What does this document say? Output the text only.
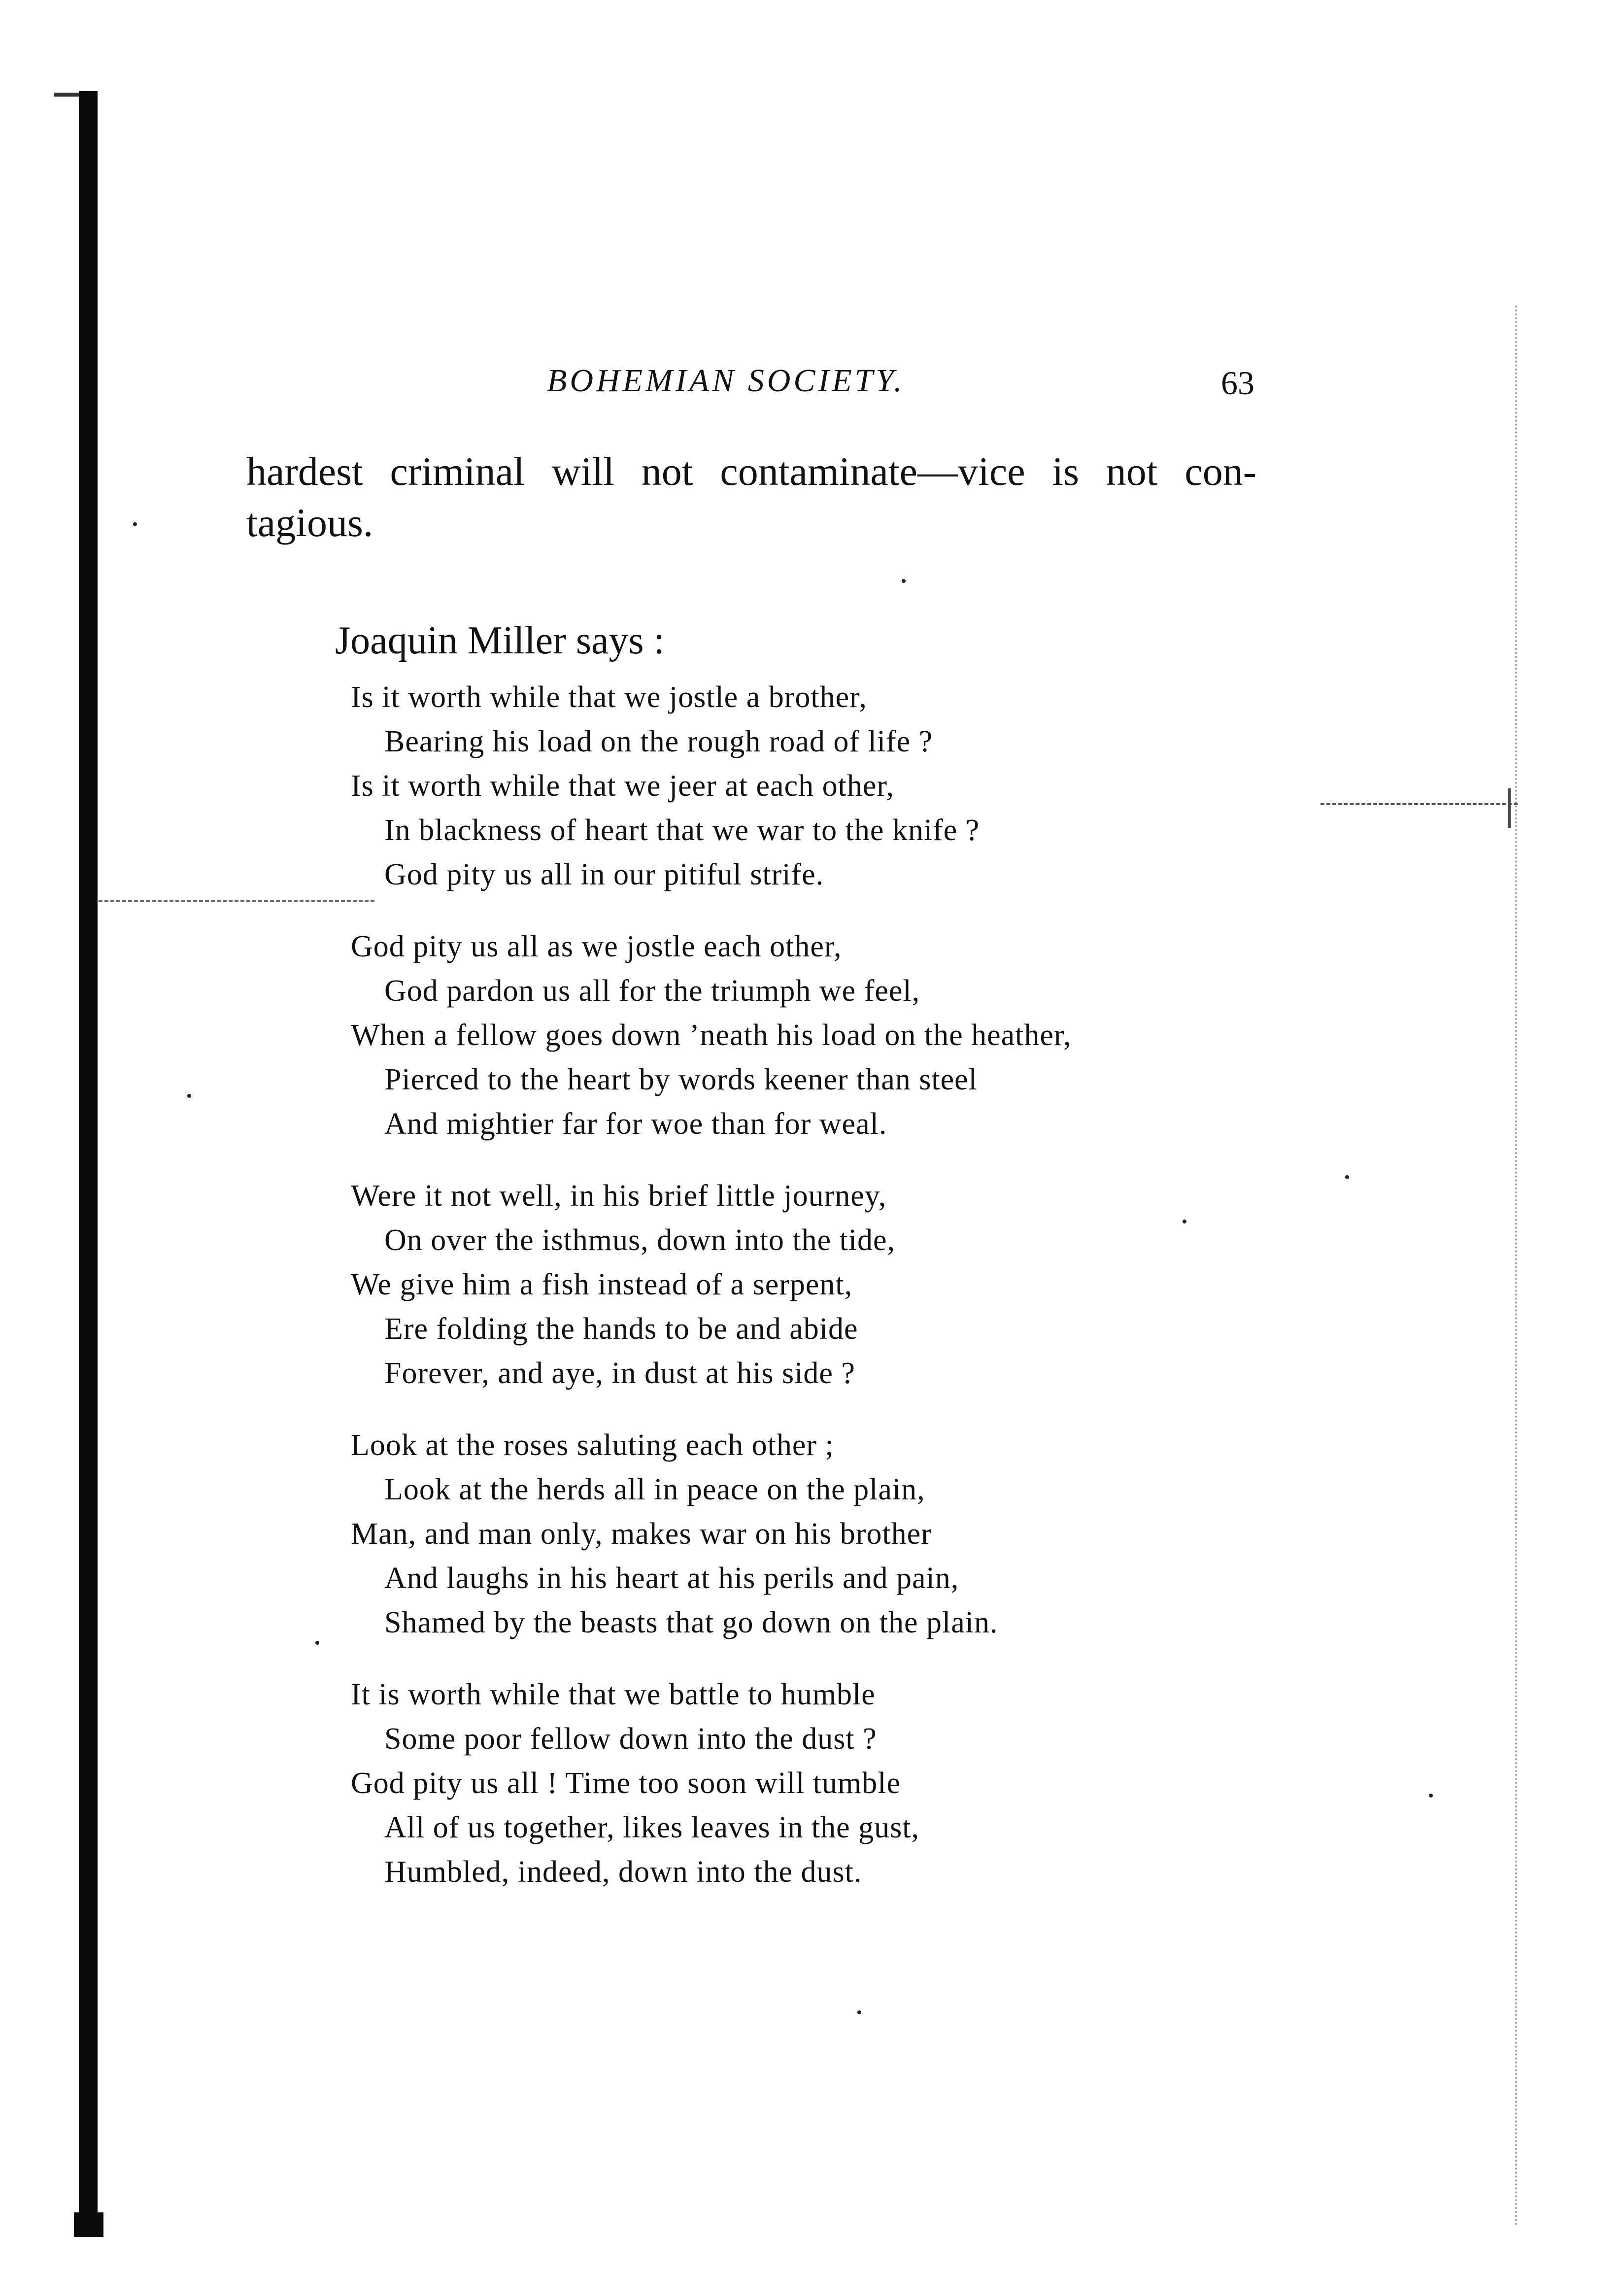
BOHEMIAN SOCIETY.	63
hardest criminal will not contaminate—vice is not con-
tagious.
Joaquin Miller says :
Is it worth while that we jostle a brother,
Bearing his load on the rough road of life ?
Is it worth while that we jeer at each other,
In blackness of heart that we war to the knife ?
God pity us all in our pitiful strife.
God pity us all as we jostle each other,
God pardon us all for the triumph we feel,
When a fellow goes down ’neath his load on the heather,
Pierced to the heart by words keener than steel
And mightier far for woe than for weal.
Were it not well, in his brief little journey,
On over the isthmus, down into the tide,
We give him a fish instead of a serpent,
Ere folding the hands to be and abide
Forever, and aye, in dust at his side ?
Look at the roses saluting each other ;
Look at the herds all in peace on the plain,
Man, and man only, makes war on his brother
And laughs in his heart at his perils and pain,
Shamed by the beasts that go down on the plain.
It is worth while that we battle to humble
Some poor fellow down into the dust ?
God pity us all ! Time too soon will tumble
All of us together, likes leaves in the gust,
Humbled, indeed, down into the dust.
